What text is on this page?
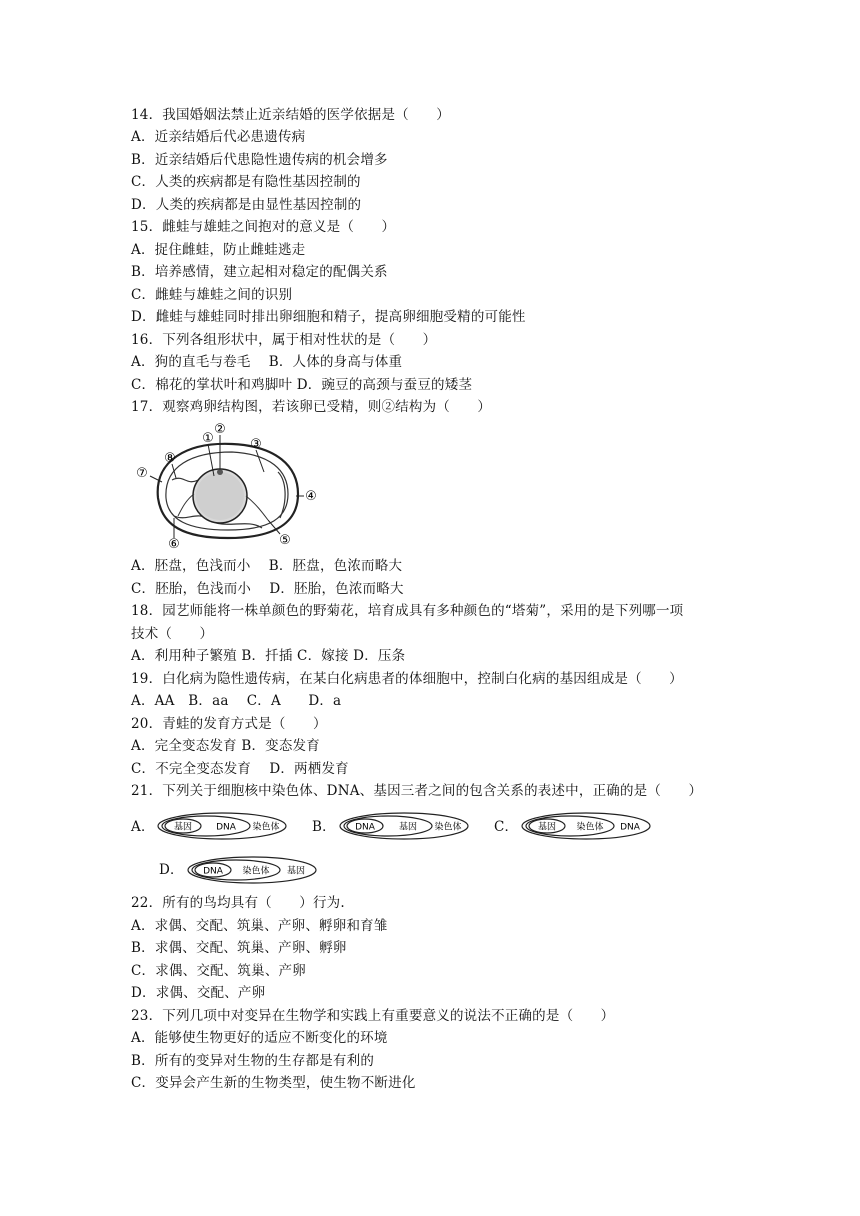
14．我国婚姻法禁止近亲结婚的医学依据是（　　）
A．近亲结婚后代必患遗传病
B．近亲结婚后代患隐性遗传病的机会增多
C．人类的疾病都是有隐性基因控制的
D．人类的疾病都是由显性基因控制的
15．雌蛙与雄蛙之间抱对的意义是（　　）
A．捉住雌蛙，防止雌蛙逃走
B．培养感情，建立起相对稳定的配偶关系
C．雌蛙与雄蛙之间的识别
D．雌蛙与雄蛙同时排出卵细胞和精子，提高卵细胞受精的可能性
16．下列各组形状中，属于相对性状的是（　　）
A．狗的直毛与卷毛　 B．人体的身高与体重
C．棉花的掌状叶和鸡脚叶 D．豌豆的高颈与蚕豆的矮茎
17．观察鸡卵结构图，若该卵已受精，则②结构为（　　）
①
②
③
④
⑤
⑥
⑦
⑧
A．胚盘，色浅而小　 B．胚盘，色浓而略大
C．胚胎，色浅而小　 D．胚胎，色浓而略大
18．园艺师能将一株单颜色的野菊花，培育成具有多种颜色的“塔菊”，采用的是下列哪一项
技术（　　）
A．利用种子繁殖 B．扦插 C．嫁接 D．压条
19．白化病为隐性遗传病，在某白化病患者的体细胞中，控制白化病的基因组成是（　　）
A．AA　B．aa　 C．A　　D．a
20．青蛙的发育方式是（　　）
A．完全变态发育 B．变态发育
C．不完全变态发育　 D．两栖发育
21．下列关于细胞核中染色体、DNA、基因三者之间的包含关系的表述中，正确的是（　　）
A． 基因	DNA 染色体 B． DNA	基因 染色体 C． 基因 染色体 DNA
D． DNA 染色体 基因
22．所有的鸟均具有（　　）行为.
A．求偶、交配、筑巢、产卵、孵卵和育雏
B．求偶、交配、筑巢、产卵、孵卵
C．求偶、交配、筑巢、产卵
D．求偶、交配、产卵
23．下列几项中对变异在生物学和实践上有重要意义的说法不正确的是（　　）
A．能够使生物更好的适应不断变化的环境
B．所有的变异对生物的生存都是有利的
C．变异会产生新的生物类型，使生物不断进化
